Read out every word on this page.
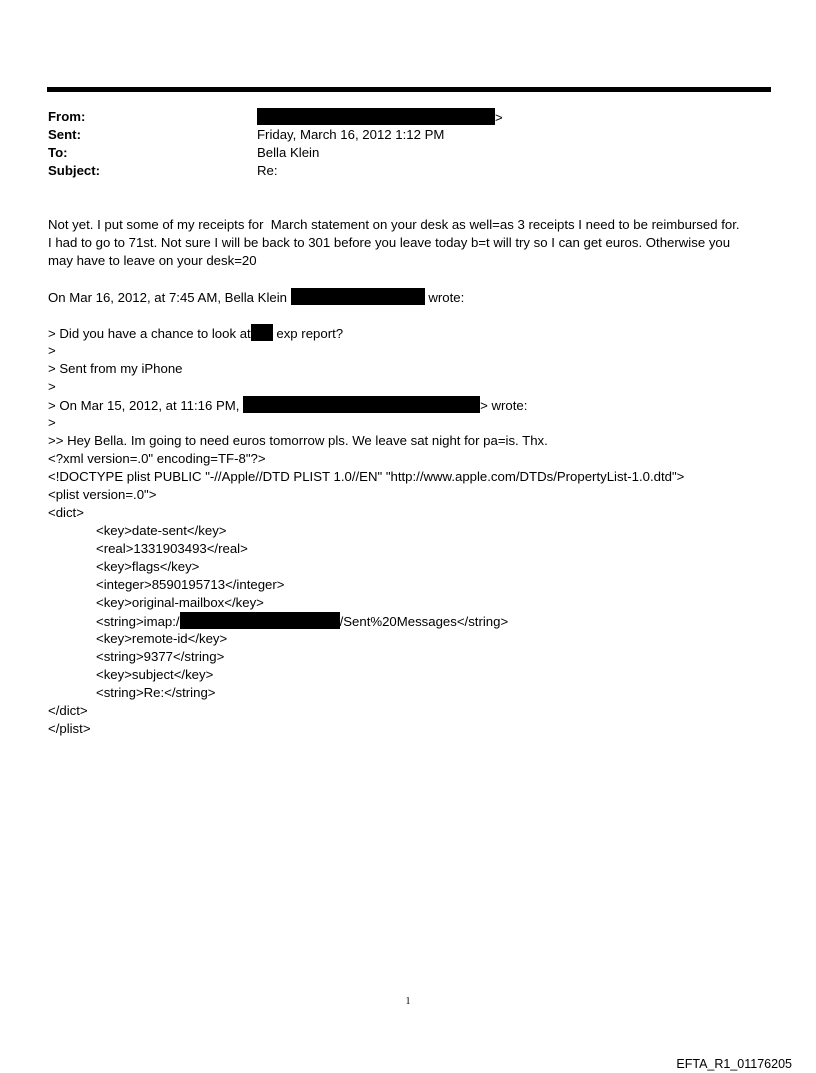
From:	>
Sent:	Friday, March 16, 2012 1:12 PM
To:	Bella Klein
Subject:	Re:
Not yet. I put some of my receipts for  March statement on your desk as well=as 3 receipts I need to be reimbursed for.
I had to go to 71st. Not sure I will be back to 301 before you leave today b=t will try so I can get euros. Otherwise you
may have to leave on your desk=20
On Mar 16, 2012, at 7:45 AM, Bella Klein	wrote:
> Did you have a chance to look at exp report?
>
> Sent from my iPhone
>
> On Mar 15, 2012, at 11:16 PM,	> wrote:
>
>> Hey Bella. Im going to need euros tomorrow pls. We leave sat night for pa=is. Thx.
<?xml version=.0" encoding=TF-8"?>
<!DOCTYPE plist PUBLIC "-//Apple//DTD PLIST 1.0//EN" "http://www.apple.com/DTDs/PropertyList-1.0.dtd">
<plist version=.0">
<dict>
<key>date-sent</key>
<real>1331903493</real>
<key>flags</key>
<integer>8590195713</integer>
<key>original-mailbox</key>
<string>imap:/	/Sent%20Messages</string>
<key>remote-id</key>
<string>9377</string>
<key>subject</key>
<string>Re:</string>
</dict>
</plist>
1
EFTA_R1_01176205
